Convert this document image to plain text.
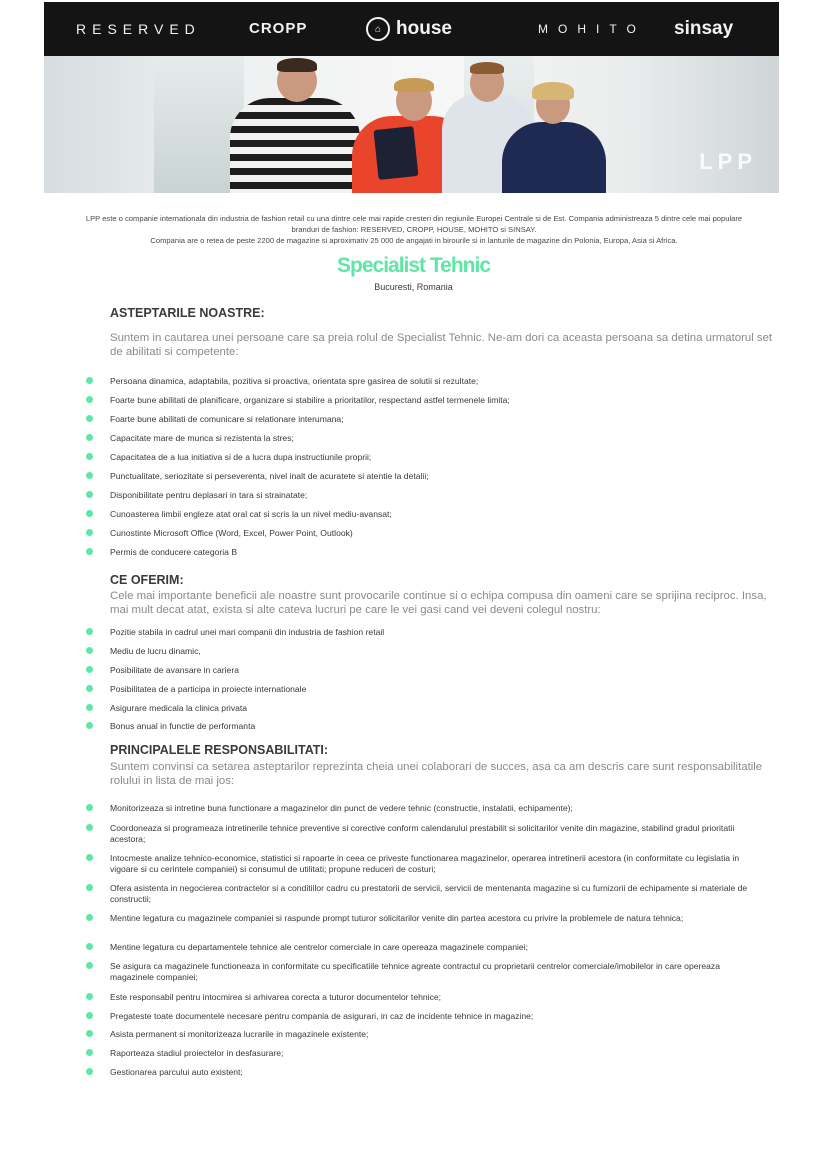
RESERVED	CROPP	⌂ house	MOHITO sinsay
LPP
LPP este o companie internationala din industria de fashion retail cu una dintre cele mai rapide cresteri din regiunile Europei Centrale si de Est. Compania administreaza 5 dintre cele mai populare
branduri de fashion: RESERVED, CROPP, HOUSE, MOHITO si SINSAY.
Compania are o retea de peste 2200 de magazine si aproximativ 25 000 de angajati in birourile si in lanturile de magazine din Polonia, Europa, Asia si Africa.
Specialist Tehnic
Bucuresti, Romania
ASTEPTARILE NOASTRE:
Suntem in cautarea unei persoane care sa preia rolul de Specialist Tehnic. Ne-am dori ca aceasta persoana sa detina urmatorul set de abilitati si competente:
Persoana dinamica, adaptabila, pozitiva si proactiva, orientata spre gasirea de solutii si rezultate;
Foarte bune abilitati de planificare, organizare si stabilire a prioritatilor, respectand astfel termenele limita;
Foarte bune abilitati de comunicare si relationare interumana;
Capacitate mare de munca si rezistenta la stres;
Capacitatea de a lua initiativa si de a lucra dupa instructiunile proprii;
Punctualitate, seriozitate si perseverenta, nivel inalt de acuratete si atentie la detalii;
Disponibilitate pentru deplasari in tara si strainatate;
Cunoasterea limbii engleze atat oral cat si scris la un nivel mediu-avansat;
Cunostinte Microsoft Office (Word, Excel, Power Point, Outlook)
Permis de conducere categoria B
CE OFERIM:
Cele mai importante beneficii ale noastre sunt provocarile continue si o echipa compusa din oameni care se sprijina reciproc. Insa, mai mult decat atat, exista si alte cateva lucruri pe care le vei gasi cand vei deveni colegul nostru:
Pozitie stabila in cadrul unei mari companii din industria de fashion retail
Mediu de lucru dinamic,
Posibilitate de avansare in cariera
Posibilitatea de a participa in proiecte internationale
Asigurare medicala la clinica privata
Bonus anual in functie de performanta
PRINCIPALELE RESPONSABILITATI:
Suntem convinsi ca setarea asteptarilor reprezinta cheia unei colaborari de succes, asa ca am descris care sunt responsabilitatile rolului in lista de mai jos:
Monitorizeaza si intretine buna functionare a magazinelor din punct de vedere tehnic (constructie, instalatii, echipamente);
Coordoneaza si programeaza intretinerile tehnice preventive si corective conform calendarului prestabilit si solicitarilor venite din magazine, stabilind gradul prioritatii acestora;
Intocmeste analize tehnico-economice, statistici si rapoarte in ceea ce priveste functionarea magazinelor, operarea intretinerii acestora (in conformitate cu legislatia in vigoare si cu cerintele companiei) si consumul de utilitati; propune reduceri de costuri;
Ofera asistenta in negocierea contractelor si a conditiilor cadru cu prestatorii de servicii, servicii de mentenanta magazine si cu furnizorii de echipamente si materiale de constructii;
Mentine legatura cu magazinele companiei si raspunde prompt tuturor solicitarilor venite din partea acestora cu privire la problemele de natura tehnica;
Mentine legatura cu departamentele tehnice ale centrelor comerciale in care opereaza magazinele companiei;
Se asigura ca magazinele functioneaza in conformitate cu specificatiile tehnice agreate contractul cu proprietarii centrelor comerciale/imobilelor in care opereaza magazinele companiei;
Este responsabil pentru intocmirea si arhivarea corecta a tuturor documentelor tehnice;
Pregateste toate documentele necesare pentru compania de asigurari, in caz de incidente tehnice in magazine;
Asista permanent si monitorizeaza lucrarile in magazinele existente;
Raporteaza stadiul proiectelor in desfasurare;
Gestionarea parcului auto existent;
